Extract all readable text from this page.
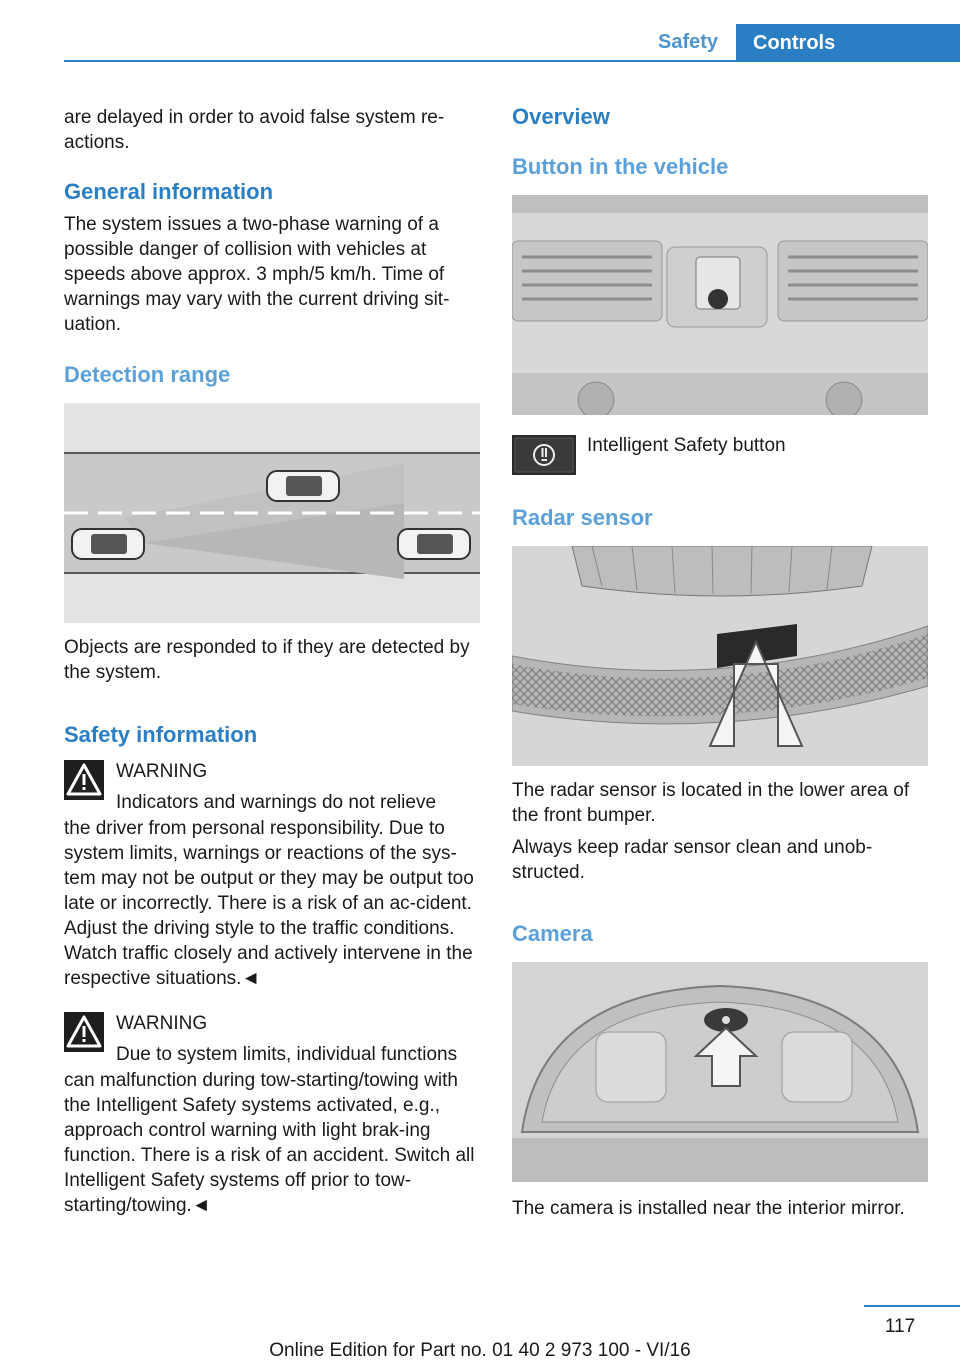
Safety	Controls

are delayed in order to avoid false system re-actions.

General information

The system issues a two-phase warning of a possible danger of collision with vehicles at speeds above approx. 3 mph/5 km/h. Time of warnings may vary with the current driving sit-uation.

Detection range

Objects are responded to if they are detected by the system.

Safety information
WARNING
Indicators and warnings do not relieve

the driver from personal responsibility. Due to system limits, warnings or reactions of the sys-tem may not be output or they may be output too late or incorrectly. There is a risk of an ac-cident. Adjust the driving style to the traffic conditions. Watch traffic closely and actively intervene in the respective situations.◄

WARNING
Due to system limits, individual functions

can malfunction during tow-starting/towing with the Intelligent Safety systems activated, e.g., approach control warning with light brak-ing function. There is a risk of an accident. Switch all Intelligent Safety systems off prior to tow-starting/towing.◄

Overview
Button in the vehicle
Intelligent Safety button
Radar sensor

The radar sensor is located in the lower area of the front bumper.

Always keep radar sensor clean and unob-structed.

Camera

The camera is installed near the interior mirror.

117
Online Edition for Part no. 01 40 2 973 100 - VI/16
